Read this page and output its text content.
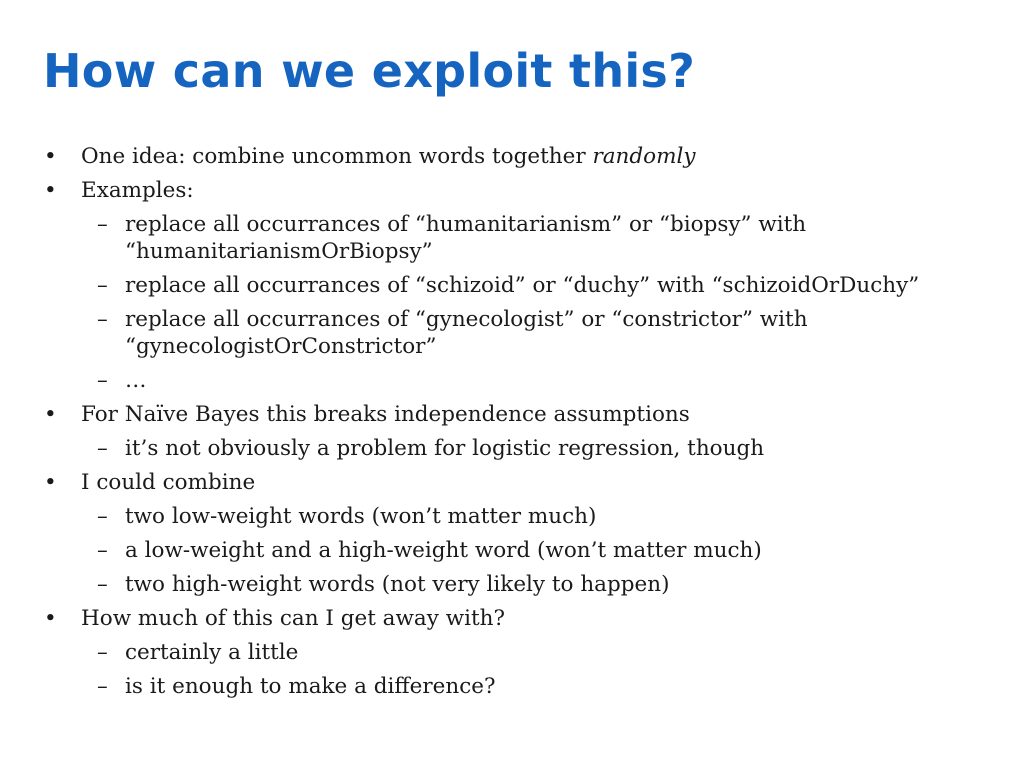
How can we exploit this?
• One idea: combine uncommon words together randomly
• Examples:
– replace all occurrances of “humanitarianism” or “biopsy” with “humanitarianismOrBiopsy”
– replace all occurrances of “schizoid” or “duchy” with “schizoidOrDuchy”
– replace all occurrances of “gynecologist” or “constrictor” with “gynecologistOrConstrictor”
– …
• For Naïve Bayes this breaks independence assumptions
– it’s not obviously a problem for logistic regression, though
• I could combine
– two low-weight words (won’t matter much)
– a low-weight and a high-weight word (won’t matter much)
– two high-weight words (not very likely to happen)
• How much of this can I get away with?
– certainly a little
– is it enough to make a difference?
